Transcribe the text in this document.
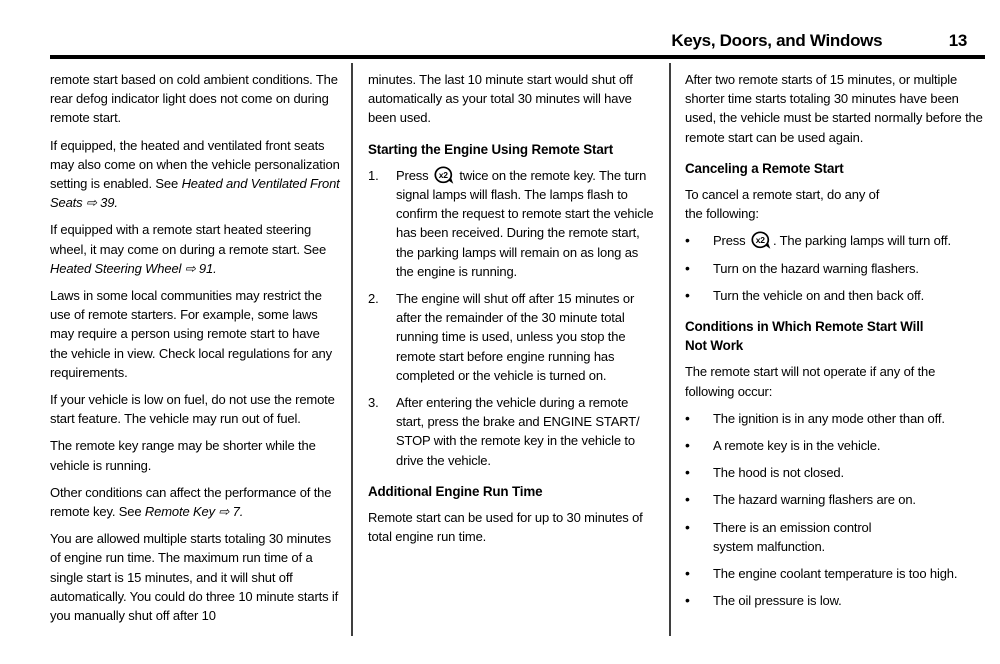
Keys, Doors, and Windows	13

remote start based on cold ambient conditions. The rear defog indicator light does not come on during remote start.

If equipped, the heated and ventilated front seats may also come on when the vehicle personalization setting is enabled. See Heated and Ventilated Front Seats ⇨ 39.

If equipped with a remote start heated steering wheel, it may come on during a remote start. See Heated Steering Wheel ⇨ 91.

Laws in some local communities may restrict the use of remote starters. For example, some laws may require a person using remote start to have the vehicle in view. Check local regulations for any requirements.

If your vehicle is low on fuel, do not use the remote start feature. The vehicle may run out of fuel.

The remote key range may be shorter while the vehicle is running.

Other conditions can affect the performance of the remote key. See Remote Key ⇨ 7.

You are allowed multiple starts totaling 30 minutes of engine run time. The maximum run time of a single start is 15 minutes, and it will shut off automatically. You could do three 10 minute starts if you manually shut off after 10

minutes. The last 10 minute start would shut off automatically as your total 30 minutes will have been used.

Starting the Engine Using Remote Start
1.	Press x2 twice on the remote key. The turn signal lamps will flash. The lamps flash to confirm the request to remote start the vehicle has been received. During the remote start, the parking lamps will remain on as long as the engine is running.
2.	The engine will shut off after 15 minutes or after the remainder of the 30 minute total running time is used, unless you stop the remote start before engine running has completed or the vehicle is turned on.
3.	After entering the vehicle during a remote start, press the brake and ENGINE START/ STOP with the remote key in the vehicle to drive the vehicle.
Additional Engine Run Time

Remote start can be used for up to 30 minutes of total engine run time.

After two remote starts of 15 minutes, or multiple shorter time starts totaling 30 minutes have been used, the vehicle must be started normally before the remote start can be used again.

Canceling a Remote Start

To cancel a remote start, do any of
the following:

•	Press x2 . The parking lamps will turn off.
•	Turn on the hazard warning flashers.
•	Turn the vehicle on and then back off.
Conditions in Which Remote Start Will
Not Work

The remote start will not operate if any of the following occur:

•	The ignition is in any mode other than off.
•	A remote key is in the vehicle.
•	The hood is not closed.
•	The hazard warning flashers are on.
•	There is an emission control
system malfunction.
•	The engine coolant temperature is too high.
•	The oil pressure is low.
